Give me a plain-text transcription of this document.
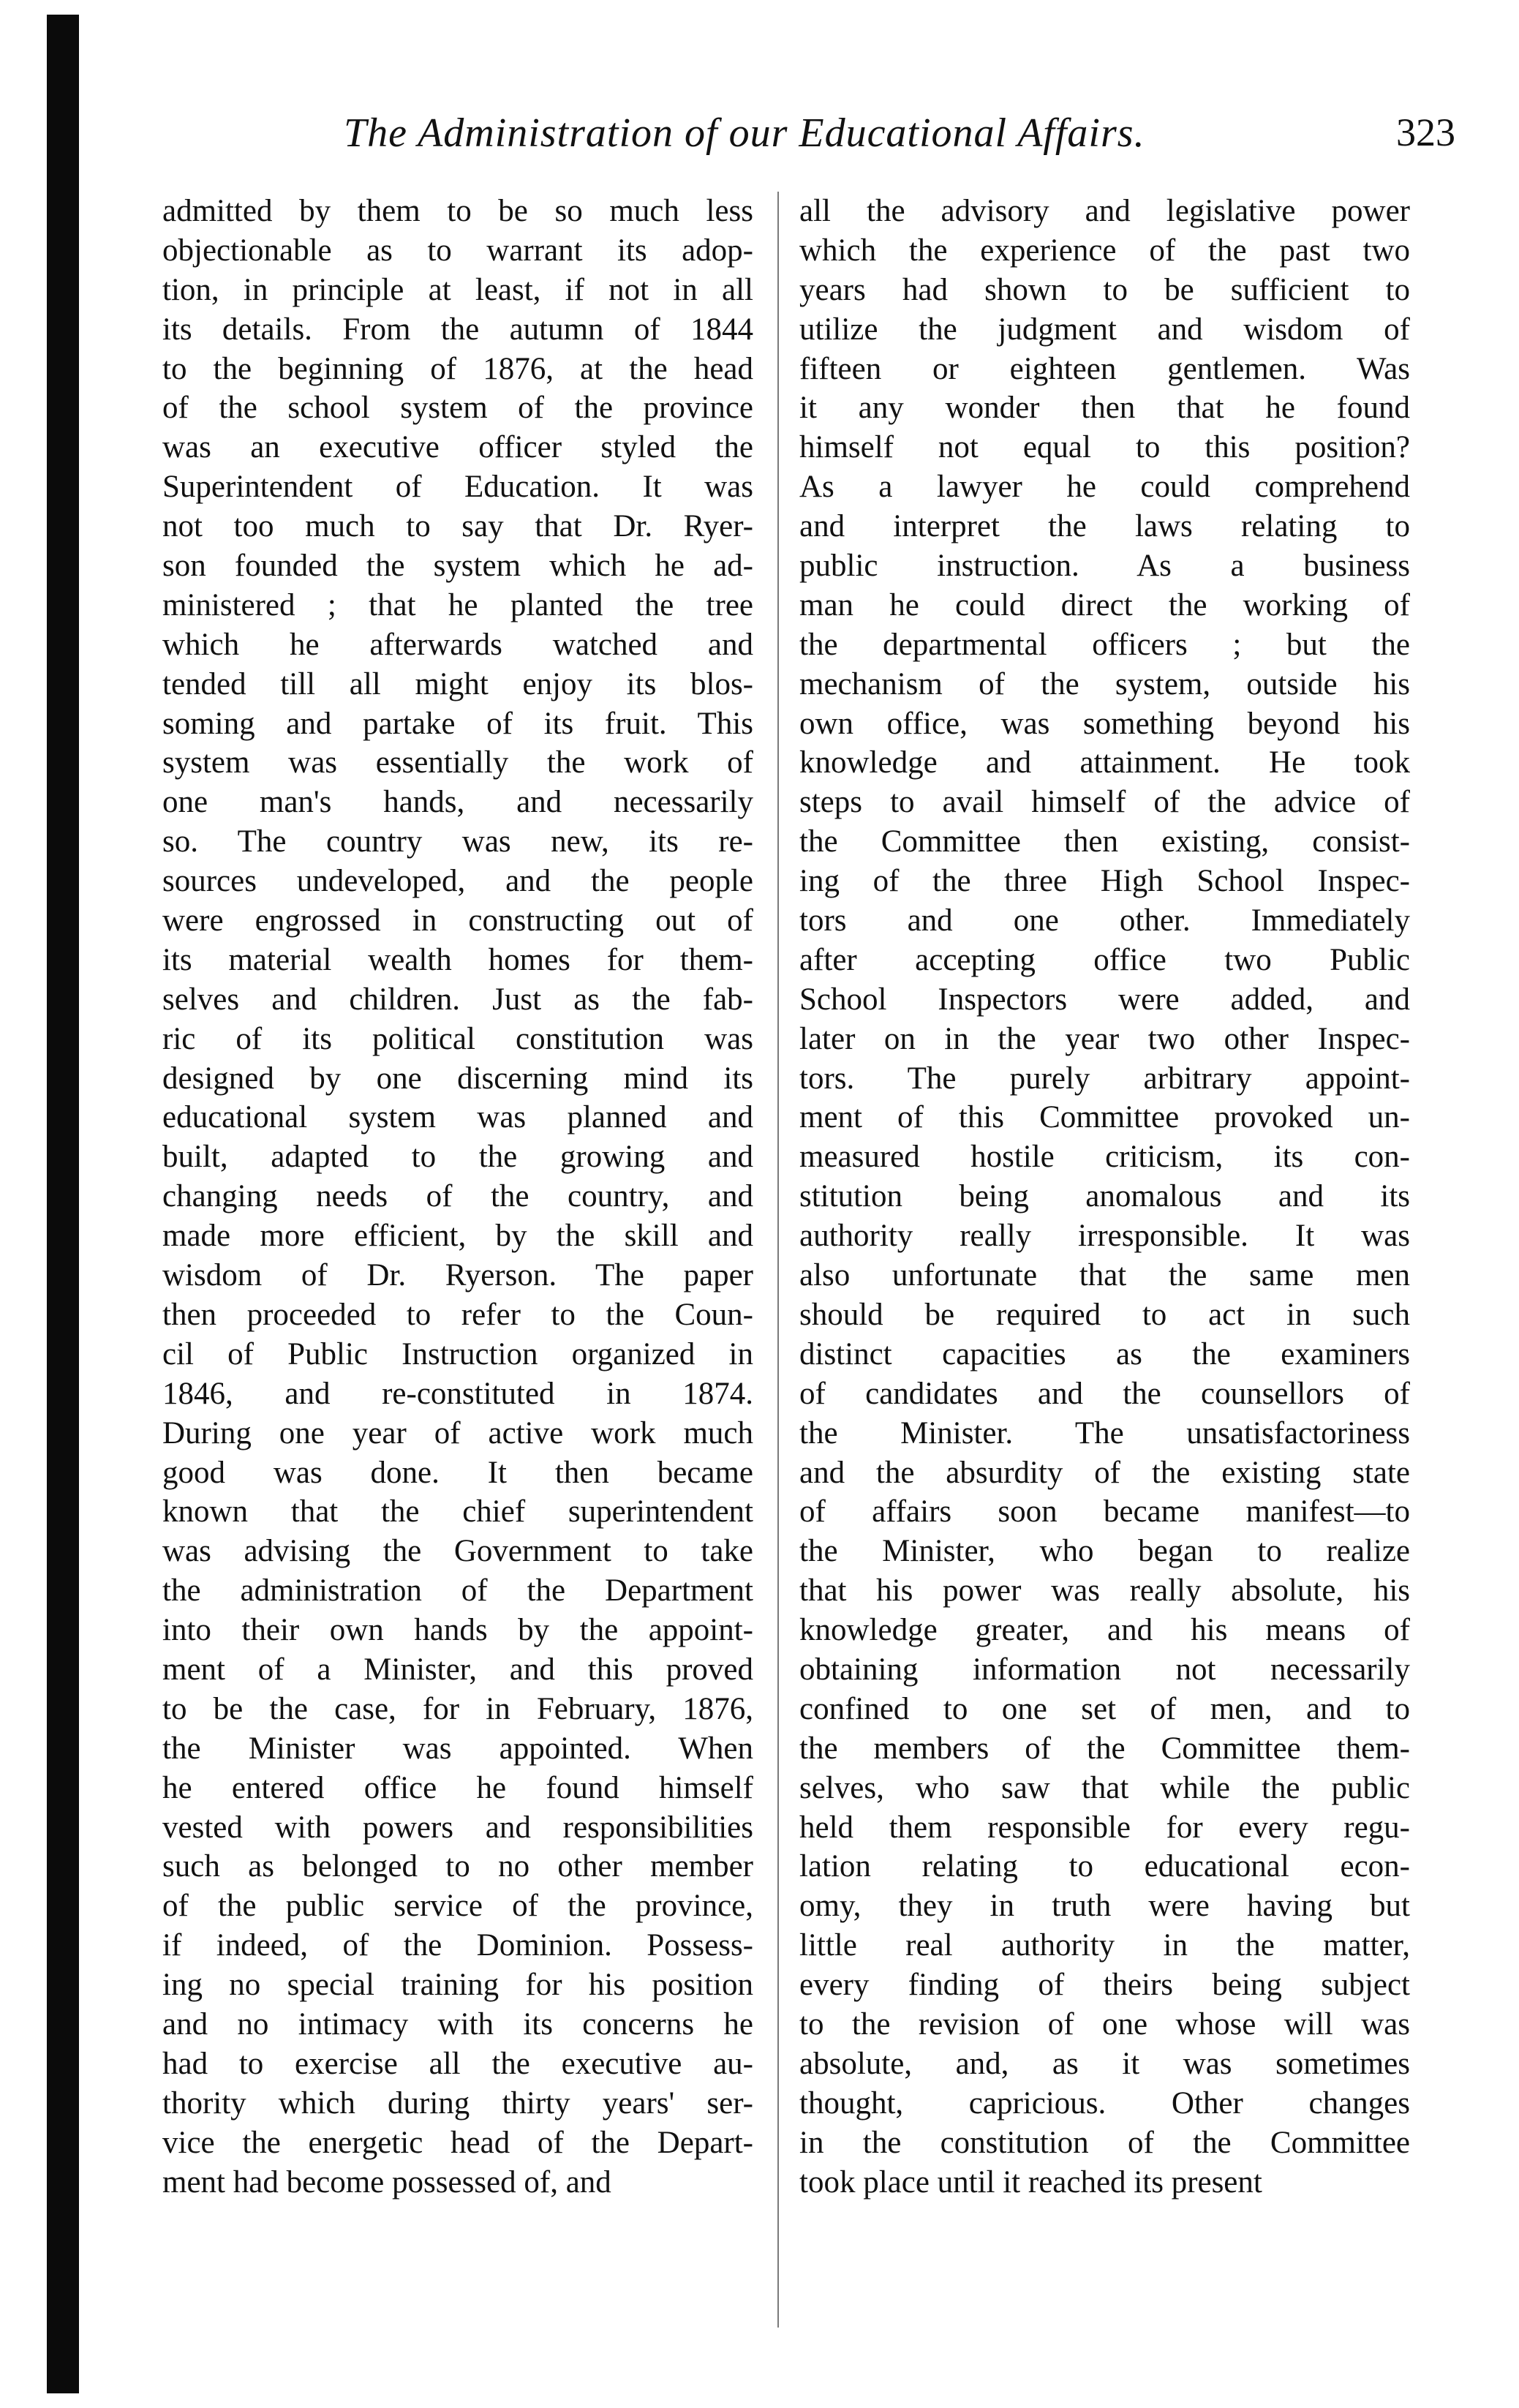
The Administration of our Educational Affairs.	323
admitted by them to be so much less
objectionable as to warrant its adop-
tion, in principle at least, if not in all
its details. From the autumn of 1844
to the beginning of 1876, at the head
of the school system of the province
was an executive officer styled the
Superintendent of Education. It was
not too much to say that Dr. Ryer-
son founded the system which he ad-
ministered ; that he planted the tree
which he afterwards watched and
tended till all might enjoy its blos-
soming and partake of its fruit. This
system was essentially the work of
one man's hands, and necessarily
so. The country was new, its re-
sources undeveloped, and the people
were engrossed in constructing out of
its material wealth homes for them-
selves and children. Just as the fab-
ric of its political constitution was
designed by one discerning mind its
educational system was planned and
built, adapted to the growing and
changing needs of the country, and
made more efficient, by the skill and
wisdom of Dr. Ryerson. The paper
then proceeded to refer to the Coun-
cil of Public Instruction organized in
1846, and re-constituted in 1874.
During one year of active work much
good was done. It then became
known that the chief superintendent
was advising the Government to take
the administration of the Department
into their own hands by the appoint-
ment of a Minister, and this proved
to be the case, for in February, 1876,
the Minister was appointed. When
he entered office he found himself
vested with powers and responsibilities
such as belonged to no other member
of the public service of the province,
if indeed, of the Dominion. Possess-
ing no special training for his position
and no intimacy with its concerns he
had to exercise all the executive au-
thority which during thirty years' ser-
vice the energetic head of the Depart-
ment had become possessed of, and
all the advisory and legislative power
which the experience of the past two
years had shown to be sufficient to
utilize the judgment and wisdom of
fifteen or eighteen gentlemen. Was
it any wonder then that he found
himself not equal to this position?
As a lawyer he could comprehend
and interpret the laws relating to
public instruction. As a business
man he could direct the working of
the departmental officers ; but the
mechanism of the system, outside his
own office, was something beyond his
knowledge and attainment. He took
steps to avail himself of the advice of
the Committee then existing, consist-
ing of the three High School Inspec-
tors and one other. Immediately
after accepting office two Public
School Inspectors were added, and
later on in the year two other Inspec-
tors. The purely arbitrary appoint-
ment of this Committee provoked un-
measured hostile criticism, its con-
stitution being anomalous and its
authority really irresponsible. It was
also unfortunate that the same men
should be required to act in such
distinct capacities as the examiners
of candidates and the counsellors of
the Minister. The unsatisfactoriness
and the absurdity of the existing state
of affairs soon became manifest—to
the Minister, who began to realize
that his power was really absolute, his
knowledge greater, and his means of
obtaining information not necessarily
confined to one set of men, and to
the members of the Committee them-
selves, who saw that while the public
held them responsible for every regu-
lation relating to educational econ-
omy, they in truth were having but
little real authority in the matter,
every finding of theirs being subject
to the revision of one whose will was
absolute, and, as it was sometimes
thought, capricious. Other changes
in the constitution of the Committee
took place until it reached its present
